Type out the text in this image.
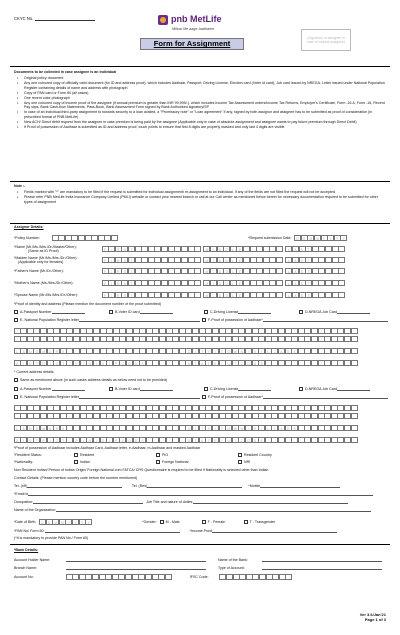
CKYC No.	pnb MetLife
Milkar life aage badhaein
(Signature of assignee in case of natural assignee)
Form for Assignment
Documents to be collected in case assignee is an individual
• Original policy document
• Any one coloured copy of officially valid document (for ID and address proof), which includes Aadhaar, Passport, Driving License, Election card (Voter id card), Job card issued by NREGA, Letter issued under National Population Register containing details of name and address with photograph
• Copy of PAN card or Form 60 (all cases)
• One recent color photograph
• Any one coloured copy of income proof of the assignee (if annual premium is greater than INR 99,999/-), which includes Income Tax Assessment orders/Income Tax Returns, Employer's Certificate, Form -16 A, Form -16, Recent Pay slips, Bank Cash-flow Statements, Pass-Book, Bank Assessment Form signed by Bank Authorised signatory/SP
• In case of an individual third-party assignment to towards security to a loan availed, a "Promissory note" or "Loan agreement" if any, signed by both assignor and assignee has to be submitted as proof of consideration (in prescribed format of PNB MetLife)
• New ACH/ Direct debit request from the assignee in case premium is being paid by the assignee (Applicable only in case of absolute assignment and assignee wants to pay future premium through Direct Debit)
• If Proof of possession of Aadhaar is submitted as ID and address proof, touch points to ensure that first 8 digits are properly masked and only last 4 digits are visible
Note :-
• Fields marked with "*" are mandatory to be filled if the request is submitted for individual assignment/ re-assignment to an individual. If any of the fields are not filled the request will not be accepted
• Please refer PNB MetLife India Insurance Company Limited (PMLI) website or contact your nearest branch or call at our Call center as mentioned below herein for necessary documentation required to be submitted for other types of assignment
Assignor Details:
*Policy Number:	*Request submission Date:	D	D	M	M	Y	Y	Y	Y
*Name (Mr./Ms./Mrs./Dr./Master/Other):
(Same as ID Proof)	F	I	R	S	T	M	I	D	D	L	E	L	A	S	T
*Maiden Name (Mr./Ms./Mrs./Dr./Other):
(Applicable only for females)	F	I	R	S	T	M	I	D	D	L	E	L	A	S	T
*Father's Name (Mr./Dr./Other):	F	I	R	S	T	M	I	D	D	L	E	L	A	S	T
*Mother's Name (Ms./Mrs./Dr./Other):	F	I	R	S	T	M	I	D	D	L	E	L	A	S	T
*Spouse Name (Mr./Ms./Mrs./Dr./Other):	F	I	R	S	T	M	I	D	D	L	E	L	A	S	T
*Proof of identity and address (Please mention the document number of the proof submitted)
A-Passport Number	B-Voter ID card	C-Driving License	D-NREGA Job Card
E- National Population Register letter	F-Proof of possession of Aadhaar*
L	A	N	D	M	A	R	K	C	I	T	Y	/	T	O	W	N	/	V	I	L	L	A	G	E
D	I	S	T	R	I	C	T	/	P	I	N	/	Z	I	P	C	O	D	E	S	T	A	T	E	/	U	T	C	O	D	E
* Current address details
Same as mentioned above (in such cases address details as below need not to be provided)
A-Passport Number	B-Voter ID card	C-Driving License	D-NREGA Job Card
E- National Population Register letter	F-Proof of possession of Aadhaar*
L	A	N	D	M	A	R	K	C	I	T	Y	/	T	O	W	N	/	V	I	L	L	A	G	E
D	I	S	T	R	I	C	T	/	P	I	N	/	Z	I	P	C	O	D	E	S	T	A	T	E	/	U	T	C	O	D	E
*Proof of possession of Aadhaar includes Aadhaar Card, Aadhaar letter, e-Aadhaar, m-Aadhaar and masked Aadhaar
*Resident Status:	Resident	PIO	Resident Country
*Nationality:	Indian	Foreign National	NRI
Non Resident Indian/ Person of Indian Origin/ Foreign National cum FATCA/ CRS Questionnaire is required to be filled if Nationality is selected other than Indian
Contact Details: (Please mention country code before the number mentioned)
Tel. (off)	Tel. (Res)	*Mobile
*Email id
Occupation:	Job Title and nature of duties:
Name of the Organization:
*Date of Birth:	D	D	M	M	Y	Y	Y	Y	*Gender:	M - Male	F - Female	T - Transgender
*PAN No/ Form 60:	*Income Proof
(*It is mandatory to provide PAN No./ Form 60)
*Bank Details:
Account Holder Name:	Name of the Bank:
Branch Name:	Type of Account:
Account No:	IFSC Code:
Ver 3.6/Jan'21
Page 1 of 3
